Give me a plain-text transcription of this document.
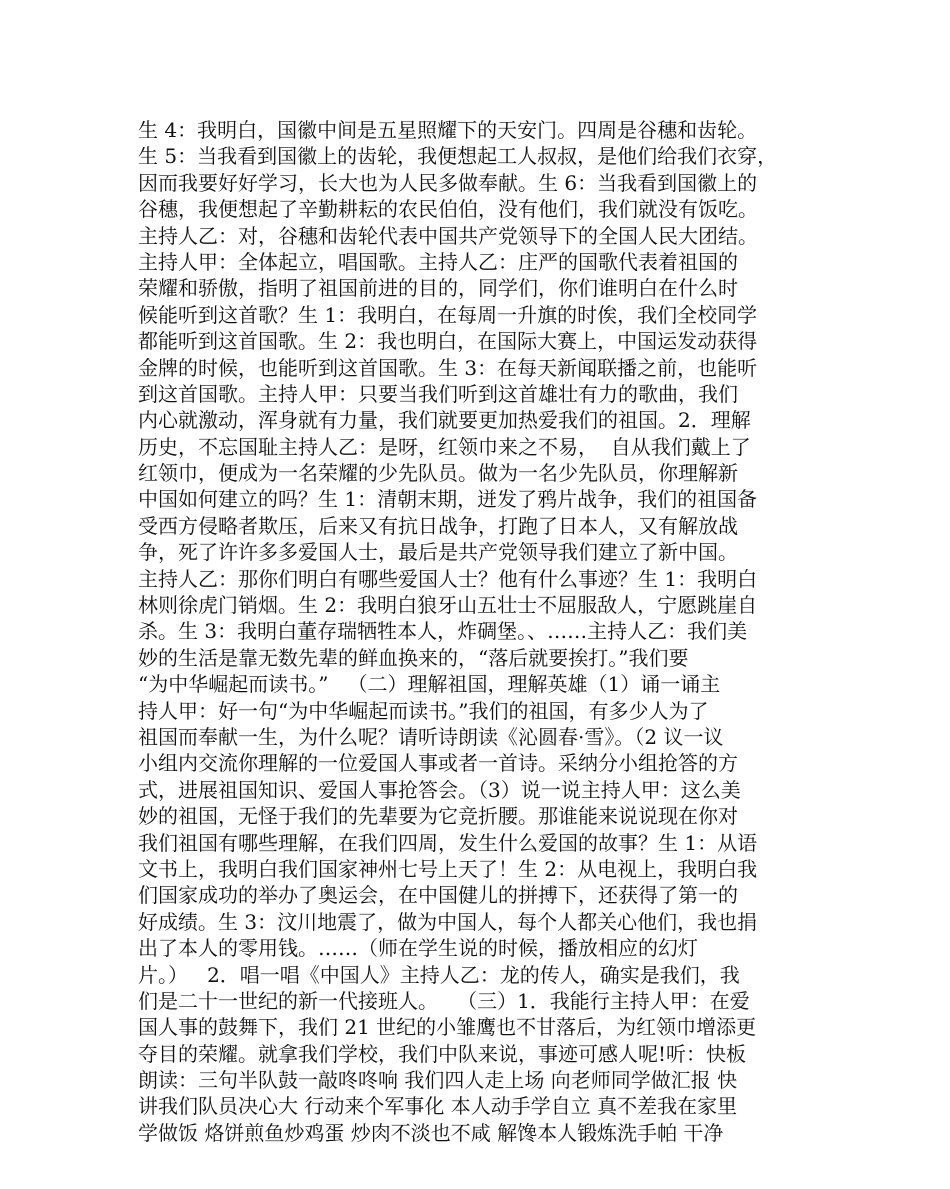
生 4：我明白，国徽中间是五星照耀下的天安门。四周是谷穗和齿轮。
生 5：当我看到国徽上的齿轮，我便想起工人叔叔，是他们给我们衣穿，
因而我要好好学习，长大也为人民多做奉献。生 6：当我看到国徽上的
谷穗，我便想起了辛勤耕耘的农民伯伯，没有他们，我们就没有饭吃。
主持人乙：对，谷穗和齿轮代表中国共产党领导下的全国人民大团结。
主持人甲：全体起立，唱国歌。主持人乙：庄严的国歌代表着祖国的
荣耀和骄傲，指明了祖国前进的目的，同学们，你们谁明白在什么时
候能听到这首歌？生 1：我明白，在每周一升旗的时俟，我们全校同学
都能听到这首国歌。生 2：我也明白，在国际大赛上，中国运发动获得
金牌的时候，也能听到这首国歌。生 3：在每天新闻联播之前，也能听
到这首国歌。主持人甲：只要当我们听到这首雄壮有力的歌曲，我们
内心就激动，浑身就有力量，我们就要更加热爱我们的祖国。2．理解
历史，不忘国耻主持人乙：是呀，红领巾来之不易，  自从我们戴上了
红领巾，便成为一名荣耀的少先队员。做为一名少先队员，你理解新
中国如何建立的吗？生 1：清朝末期，迸发了鸦片战争，我们的祖国备
受西方侵略者欺压，后来又有抗日战争，打跑了日本人，又有解放战
争，死了许许多多爱国人士，最后是共产党领导我们建立了新中国。
主持人乙：那你们明白有哪些爱国人士？他有什么事迹？生 1：我明白
林则徐虎门销烟。生 2：我明白狼牙山五壮士不屈服敌人，宁愿跳崖自
杀。生 3：我明白董存瑞牺牲本人，炸碉堡。、……主持人乙：我们美
妙的生活是靠无数先辈的鲜血换来的，“落后就要挨打。”我们要
“为中华崛起而读书。”   （二）理解祖国，理解英雄（1）诵一诵主
持人甲：好一句“为中华崛起而读书。”我们的祖国，有多少人为了
祖国而奉献一生，为什么呢？请听诗朗读《沁圆春·雪》。（2 议一议
小组内交流你理解的一位爱国人事或者一首诗。采纳分小组抢答的方
式，进展祖国知识、爱国人事抢答会。（3）说一说主持人甲：这么美
妙的祖国，无怪于我们的先辈要为它竞折腰。那谁能来说说现在你对
我们祖国有哪些理解，在我们四周，发生什么爱国的故事？生 1：从语
文书上，我明白我们国家神州七号上天了！生 2：从电视上，我明白我
们国家成功的举办了奥运会，在中国健儿的拼搏下，还获得了第一的
好成绩。生 3：汶川地震了，做为中国人，每个人都关心他们，我也捐
出了本人的零用钱。……（师在学生说的时候，播放相应的幻灯
片。）   2．唱一唱《中国人》主持人乙：龙的传人，确实是我们，我
们是二十一世纪的新一代接班人。   （三）1．我能行主持人甲：在爱
国人事的鼓舞下，我们 21 世纪的小雏鹰也不甘落后，为红领巾增添更
夺目的荣耀。就拿我们学校，我们中队来说，事迹可感人呢!听：快板
朗读：三句半队鼓一敲咚咚响 我们四人走上场 向老师同学做汇报 快
讲我们队员决心大 行动来个军事化 本人动手学自立 真不差我在家里
学做饭 烙饼煎鱼炒鸡蛋 炒肉不淡也不咸 解馋本人锻炼洗手帕 干净
